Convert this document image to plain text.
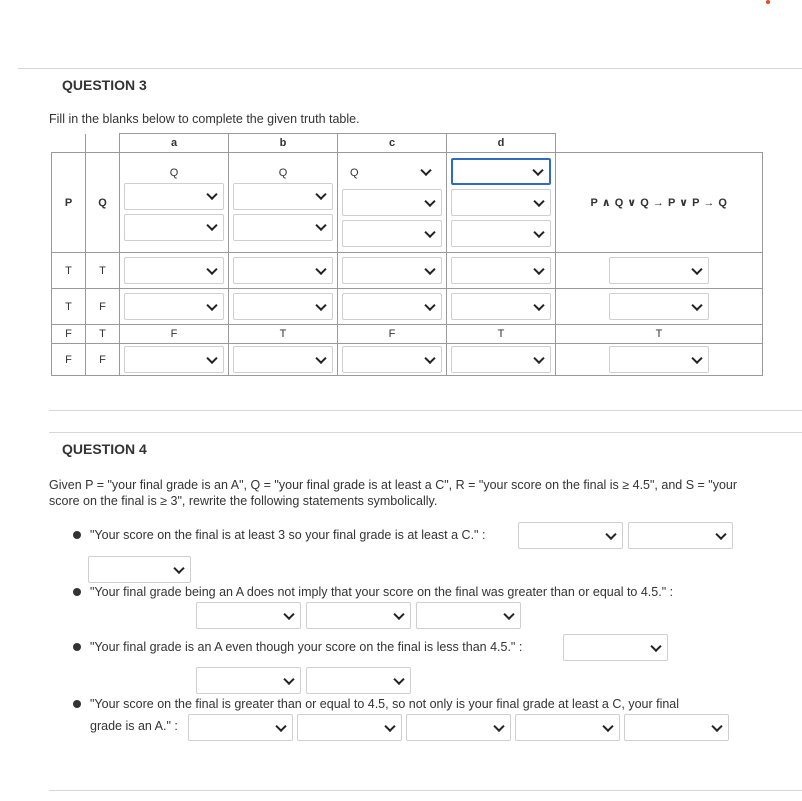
QUESTION 3
Fill in the blanks below to complete the given truth table.
		a	b	c	d	
P	Q	Q	Q	Q		P ∧ Q ∨ Q → P ∨ P → Q
T	T	

T	F	

F	T	F	T	F	T	T
F	F	

QUESTION 4
Given P = "your final grade is an A", Q = "your final grade is at least a C", R = "your score on the final is ≥ 4.5", and S = "your score on the final is ≥ 3", rewrite the following statements symbolically.
"Your score on the final is at least 3 so your final grade is at least a C." :
"Your final grade being an A does not imply that your score on the final was greater than or equal to 4.5." :
"Your final grade is an A even though your score on the final is less than 4.5." :
"Your score on the final is greater than or equal to 4.5, so not only is your final grade at least a C, your final
grade is an A." :
